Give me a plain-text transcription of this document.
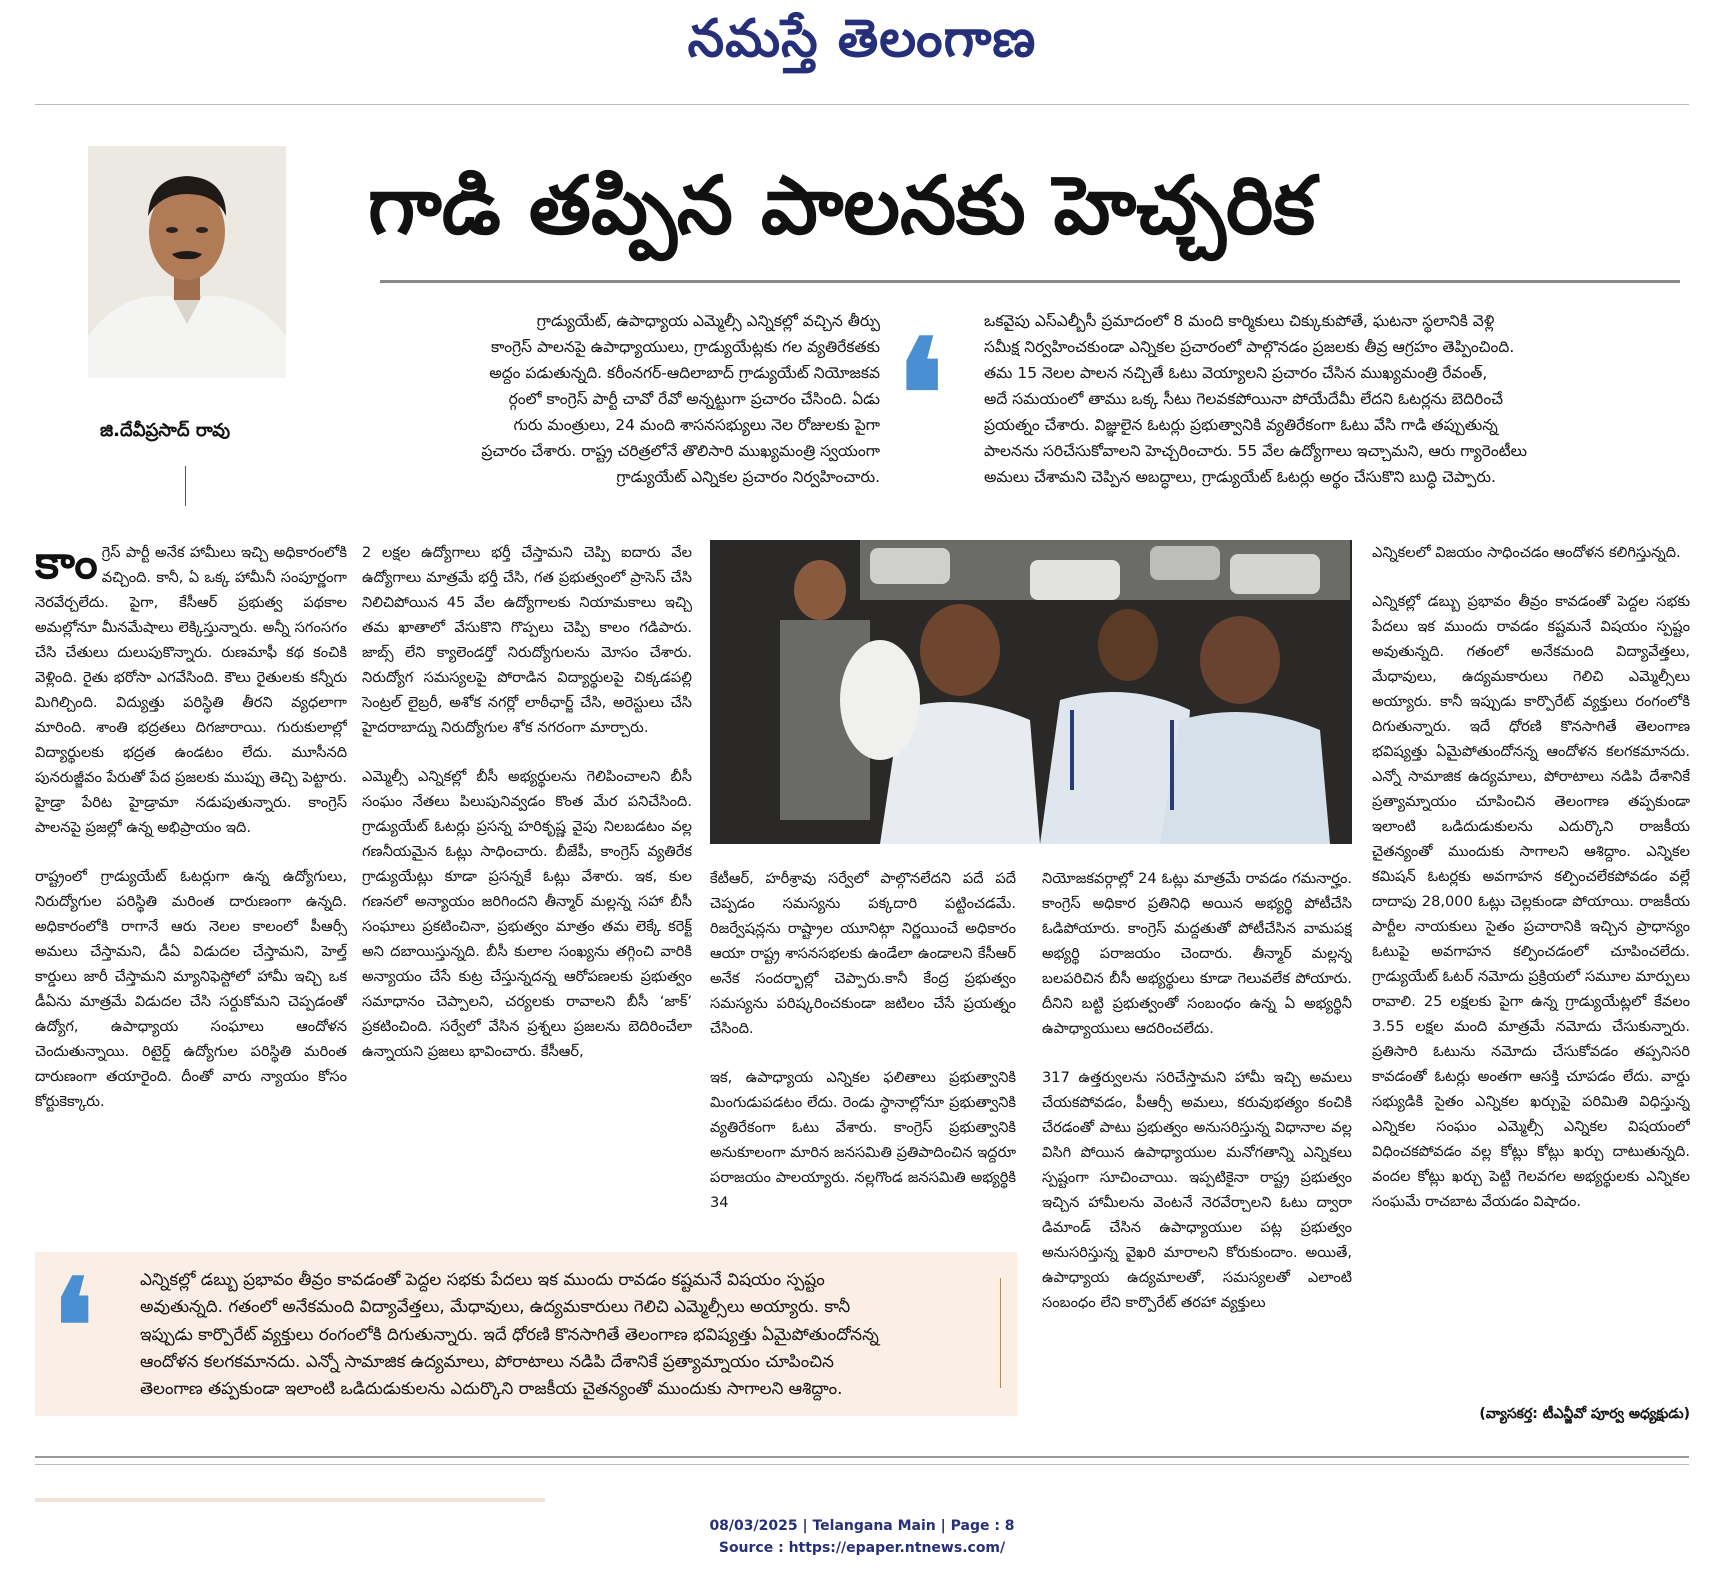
నమస్తే తెలంగాణ
జి.దేవీప్రసాద్ రావు
గాడి తప్పిన పాలనకు హెచ్చరిక
గ్రాడ్యుయేట్, ఉపాధ్యాయ ఎమ్మెల్సీ ఎన్నికల్లో వచ్చిన తీర్పు
కాంగ్రెస్ పాలనపై ఉపాధ్యాయులు, గ్రాడ్యుయేట్లకు గల వ్యతిరేకతకు
అద్దం పడుతున్నది. కరీంనగర్-ఆదిలాబాద్ గ్రాడ్యుయేట్ నియోజకవ
ర్గంలో కాంగ్రెస్ పార్టీ చావో రేవో అన్నట్టుగా ప్రచారం చేసింది. ఏడు
గురు మంత్రులు, 24 మంది శాసనసభ్యులు నెల రోజులకు పైగా
ప్రచారం చేశారు. రాష్ట్ర చరిత్రలోనే తొలిసారి ముఖ్యమంత్రి స్వయంగా
గ్రాడ్యుయేట్ ఎన్నికల ప్రచారం నిర్వహించారు. ❛	ఒకవైపు ఎస్ఎల్బీసీ ప్రమాదంలో 8 మంది కార్మికులు చిక్కుకుపోతే, ఘటనా స్థలానికి వెళ్లి
సమీక్ష నిర్వహించకుండా ఎన్నికల ప్రచారంలో పాల్గొనడం ప్రజలకు తీవ్ర ఆగ్రహం తెప్పించింది.
తమ 15 నెలల పాలన నచ్చితే ఓటు వెయ్యాలని ప్రచారం చేసిన ముఖ్యమంత్రి రేవంత్,
అదే సమయంలో తాము ఒక్క సీటు గెలవకపోయినా పోయేదేమీ లేదని ఓటర్లను బెదిరించే
ప్రయత్నం చేశారు. విజ్ఞులైన ఓటర్లు ప్రభుత్వానికి వ్యతిరేకంగా ఓటు వేసి గాడి తప్పుతున్న
పాలనను సరిచేసుకోవాలని హెచ్చరించారు. 55 వేల ఉద్యోగాలు ఇచ్చామని, ఆరు గ్యారెంటీలు
అమలు చేశామని చెప్పిన అబద్ధాలు, గ్రాడ్యుయేట్ ఓటర్లు అర్థం చేసుకొని బుద్ధి చెప్పారు.

కాంగ్రెస్ పార్టీ అనేక హామీలు ఇచ్చి అధికారంలోకి వచ్చింది. కానీ, ఏ ఒక్క హామీనీ సంపూర్ణంగా నెరవేర్చలేదు. పైగా, కేసీఆర్ ప్రభుత్వ పథకాల అమల్లోనూ మీనమేషాలు లెక్కిస్తున్నారు. అన్నీ సగంసగం చేసి చేతులు దులుపుకొన్నారు. రుణమాఫీ కథ కంచికి వెళ్లింది. రైతు భరోసా ఎగవేసింది. కౌలు రైతులకు కన్నీరు మిగిల్చింది. విద్యుత్తు పరిస్థితి తీరని వ్యధలాగా మారింది. శాంతి భద్రతలు దిగజారాయి. గురుకులాల్లో విద్యార్థులకు భద్రత ఉండటం లేదు. మూసీనది పునరుజ్జీవం పేరుతో పేద ప్రజలకు ముప్పు తెచ్చి పెట్టారు. హైడ్రా పేరిట హైడ్రామా నడుపుతున్నారు. కాంగ్రెస్ పాలనపై ప్రజల్లో ఉన్న అభిప్రాయం ఇది.

రాష్ట్రంలో గ్రాడ్యుయేట్ ఓటర్లుగా ఉన్న ఉద్యోగులు, నిరుద్యోగుల పరిస్థితి మరింత దారుణంగా ఉన్నది. అధికారంలోకి రాగానే ఆరు నెలల కాలంలో పీఆర్సీ అమలు చేస్తామని, డీఏ విడుదల చేస్తామని, హెల్త్ కార్డులు జారీ చేస్తామని మ్యానిఫెస్టోలో హామీ ఇచ్చి ఒక డీఏను మాత్రమే విడుదల చేసి సర్దుకోమని చెప్పడంతో ఉద్యోగ, ఉపాధ్యాయ సంఘాలు ఆందోళన చెందుతున్నాయి. రిటైర్డ్ ఉద్యోగుల పరిస్థితి మరింత దారుణంగా తయారైంది. దీంతో వారు న్యాయం కోసం కోర్టుకెక్కారు.

2 లక్షల ఉద్యోగాలు భర్తీ చేస్తామని చెప్పి ఐదారు వేల ఉద్యోగాలు మాత్రమే భర్తీ చేసి, గత ప్రభుత్వంలో ప్రాసెస్ చేసి నిలిచిపోయిన 45 వేల ఉద్యోగాలకు నియామకాలు ఇచ్చి తమ ఖాతాలో వేసుకొని గొప్పలు చెప్పి కాలం గడిపారు. జాబ్స్ లేని క్యాలెండర్తో నిరుద్యోగులను మోసం చేశారు. నిరుద్యోగ సమస్యలపై పోరాడిన విద్యార్థులపై చిక్కడపల్లి సెంట్రల్ లైబ్రరీ, అశోక నగర్లో లాఠీఛార్జ్ చేసి, అరెస్టులు చేసి హైదరాబాద్ను నిరుద్యోగుల శోక నగరంగా మార్చారు.

ఎమ్మెల్సీ ఎన్నికల్లో బీసీ అభ్యర్థులను గెలిపించాలని బీసీ సంఘం నేతలు పిలుపునివ్వడం కొంత మేర పనిచేసింది. గ్రాడ్యుయేట్ ఓటర్లు ప్రసన్న హరికృష్ణ వైపు నిలబడటం వల్ల గణనీయమైన ఓట్లు సాధించారు. బీజేపీ, కాంగ్రెస్ వ్యతిరేక గ్రాడ్యుయేట్లు కూడా ప్రసన్నకే ఓట్లు వేశారు. ఇక, కుల గణనలో అన్యాయం జరిగిందని తీన్మార్ మల్లన్న సహా బీసీ సంఘాలు ప్రకటించినా, ప్రభుత్వం మాత్రం తమ లెక్కే కరెక్ట్ అని దబాయిస్తున్నది. బీసీ కులాల సంఖ్యను తగ్గించి వారికి అన్యాయం చేసే కుట్ర చేస్తున్నదన్న ఆరోపణలకు ప్రభుత్వం సమాధానం చెప్పాలని, చర్యలకు రావాలని బీసీ ‘జాక్’ ప్రకటించింది. సర్వేలో వేసిన ప్రశ్నలు ప్రజలను బెదిరించేలా ఉన్నాయని ప్రజలు భావించారు. కేసీఆర్,

కేటీఆర్, హరీశ్రావు సర్వేలో పాల్గొనలేదని పదే పదే చెప్పడం సమస్యను పక్కదారి పట్టించడమే. రిజర్వేషన్లను రాష్ట్రాల యూనిట్గా నిర్ణయించే అధికారం ఆయా రాష్ట్ర శాసనసభలకు ఉండేలా ఉండాలని కేసీఆర్ అనేక సందర్భాల్లో చెప్పారు.కానీ కేంద్ర ప్రభుత్వం సమస్యను పరిష్కరించకుండా జటిలం చేసే ప్రయత్నం చేసింది.

ఇక, ఉపాధ్యాయ ఎన్నికల ఫలితాలు ప్రభుత్వానికి మింగుడుపడటం లేదు. రెండు స్థానాల్లోనూ ప్రభుత్వానికి వ్యతిరేకంగా ఓటు వేశారు. కాంగ్రెస్ ప్రభుత్వానికి అనుకూలంగా మారిన జనసమితి ప్రతిపాదించిన ఇద్దరూ పరాజయం పాలయ్యారు. నల్లగొండ జనసమితి అభ్యర్థికి 34

నియోజకవర్గాల్లో 24 ఓట్లు మాత్రమే రావడం గమనార్హం. కాంగ్రెస్ అధికార ప్రతినిధి అయిన అభ్యర్థి పోటీచేసి ఓడిపోయారు. కాంగ్రెస్ మద్దతుతో పోటీచేసిన వామపక్ష అభ్యర్థి పరాజయం చెందారు. తీన్మార్ మల్లన్న బలపరిచిన బీసీ అభ్యర్థులు కూడా గెలువలేక పోయారు. దీనిని బట్టి ప్రభుత్వంతో సంబంధం ఉన్న ఏ అభ్యర్థినీ ఉపాధ్యాయులు ఆదరించలేదు.

317 ఉత్తర్వులను సరిచేస్తామని హామీ ఇచ్చి అమలు చేయకపోవడం, పీఆర్సీ అమలు, కరువుభత్యం కంచికి చేరడంతో పాటు ప్రభుత్వం అనుసరిస్తున్న విధానాల వల్ల విసిగి పోయిన ఉపాధ్యాయుల మనోగతాన్ని ఎన్నికలు స్పష్టంగా సూచించాయి. ఇప్పటికైనా రాష్ట్ర ప్రభుత్వం ఇచ్చిన హామీలను వెంటనే నెరవేర్చాలని ఓటు ద్వారా డిమాండ్ చేసిన ఉపాధ్యాయుల పట్ల ప్రభుత్వం అనుసరిస్తున్న వైఖరి మారాలని కోరుకుందాం. అయితే, ఉపాధ్యాయ ఉద్యమాలతో, సమస్యలతో ఎలాంటి సంబంధం లేని కార్పొరేట్ తరహా వ్యక్తులు

ఎన్నికలలో విజయం సాధించడం ఆందోళన కలిగిస్తున్నది.

ఎన్నికల్లో డబ్బు ప్రభావం తీవ్రం కావడంతో పెద్దల సభకు పేదలు ఇక ముందు రావడం కష్టమనే విషయం స్పష్టం అవుతున్నది. గతంలో అనేకమంది విద్యావేత్తలు, మేధావులు, ఉద్యమకారులు గెలిచి ఎమ్మెల్సీలు అయ్యారు. కానీ ఇప్పుడు కార్పొరేట్ వ్యక్తులు రంగంలోకి దిగుతున్నారు. ఇదే ధోరణి కొనసాగితే తెలంగాణ భవిష్యత్తు ఏమైపోతుందోనన్న ఆందోళన కలగకమానదు. ఎన్నో సామాజిక ఉద్యమాలు, పోరాటాలు నడిపి దేశానికే ప్రత్యామ్నాయం చూపించిన తెలంగాణ తప్పకుండా ఇలాంటి ఒడిదుడుకులను ఎదుర్కొని రాజకీయ చైతన్యంతో ముందుకు సాగాలని ఆశిద్దాం. ఎన్నికల కమిషన్ ఓటర్లకు అవగాహన కల్పించలేకపోవడం వల్లే దాదాపు 28,000 ఓట్లు చెల్లకుండా పోయాయి. రాజకీయ పార్టీల నాయకులు సైతం ప్రచారానికి ఇచ్చిన ప్రాధాన్యం ఓటుపై అవగాహన కల్పించడంలో చూపించలేదు. గ్రాడ్యుయేట్ ఓటర్ నమోదు ప్రక్రియలో సమూల మార్పులు రావాలి. 25 లక్షలకు పైగా ఉన్న గ్రాడ్యుయేట్లలో కేవలం 3.55 లక్షల మంది మాత్రమే నమోదు చేసుకున్నారు. ప్రతిసారి ఓటును నమోదు చేసుకోవడం తప్పనిసరి కావడంతో ఓటర్లు అంతగా ఆసక్తి చూపడం లేదు. వార్డు సభ్యుడికి సైతం ఎన్నికల ఖర్చుపై పరిమితి విధిస్తున్న ఎన్నికల సంఘం ఎమ్మెల్సీ ఎన్నికల విషయంలో విధించకపోవడం వల్ల కోట్లు కోట్లు ఖర్చు దాటుతున్నది. వందల కోట్లు ఖర్చు పెట్టి గెలవగల అభ్యర్థులకు ఎన్నికల సంఘమే రాచబాట వేయడం విషాదం.

❛	ఎన్నికల్లో డబ్బు ప్రభావం తీవ్రం కావడంతో పెద్దల సభకు పేదలు ఇక ముందు రావడం కష్టమనే విషయం స్పష్టం
అవుతున్నది. గతంలో అనేకమంది విద్యావేత్తలు, మేధావులు, ఉద్యమకారులు గెలిచి ఎమ్మెల్సీలు అయ్యారు. కానీ
ఇప్పుడు కార్పొరేట్ వ్యక్తులు రంగంలోకి దిగుతున్నారు. ఇదే ధోరణి కొనసాగితే తెలంగాణ భవిష్యత్తు ఏమైపోతుందోనన్న
ఆందోళన కలగకమానదు. ఎన్నో సామాజిక ఉద్యమాలు, పోరాటాలు నడిపి దేశానికే ప్రత్యామ్నాయం చూపించిన
తెలంగాణ తప్పకుండా ఇలాంటి ఒడిదుడుకులను ఎదుర్కొని రాజకీయ చైతన్యంతో ముందుకు సాగాలని ఆశిద్దాం.
(వ్యాసకర్త: టీఎన్జీవో పూర్వ అధ్యక్షుడు)
08/03/2025 | Telangana Main | Page : 8
Source : https://epaper.ntnews.com/
